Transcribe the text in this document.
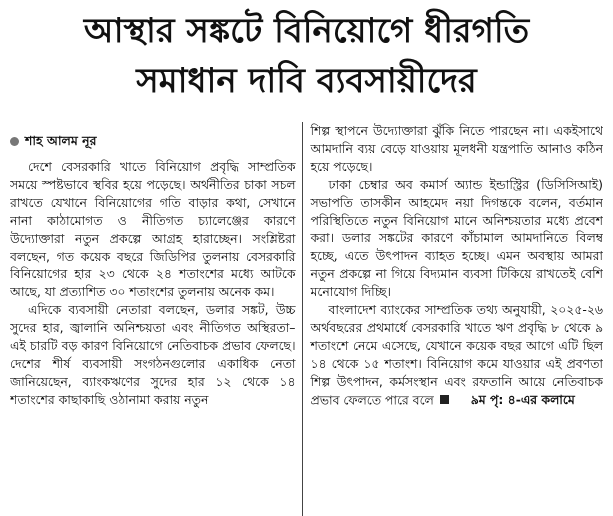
আস্থার সঙ্কটে বিনিয়োগে ধীরগতি
সমাধান দাবি ব্যবসায়ীদের
শাহ আলম নূর

দেশে বেসরকারি খাতে বিনিয়োগ প্রবৃদ্ধি সাম্প্রতিক সময়ে স্পষ্টভাবে স্থবির হয়ে পড়েছে। অর্থনীতির চাকা সচল রাখতে যেখানে বিনিয়োগের গতি বাড়ার কথা, সেখানে নানা কাঠামোগত ও নীতিগত চ্যালেঞ্জের কারণে উদ্যোক্তারা নতুন প্রকল্পে আগ্রহ হারাচ্ছেন। সংশ্লিষ্টরা বলছেন, গত কয়েক বছরে জিডিপির তুলনায় বেসরকারি বিনিয়োগের হার ২৩ থেকে ২৪ শতাংশের মধ্যে আটকে আছে, যা প্রত্যাশিত ৩০ শতাংশের তুলনায় অনেক কম।

এদিকে ব্যবসায়ী নেতারা বলছেন, ডলার সঙ্কট, উচ্চ সুদের হার, জ্বালানি অনিশ্চয়তা এবং নীতিগত অস্থিরতা– এই চারটি বড় কারণ বিনিয়োগে নেতিবাচক প্রভাব ফেলছে। দেশের শীর্ষ ব্যবসায়ী সংগঠনগুলোর একাধিক নেতা জানিয়েছেন, ব্যাংকঋণের সুদের হার ১২ থেকে ১৪ শতাংশের কাছাকাছি ওঠানামা করায় নতুন

শিল্প স্থাপনে উদ্যোক্তারা ঝুঁকি নিতে পারছেন না। একইসাথে আমদানি ব্যয় বেড়ে যাওয়ায় মূলধনী যন্ত্রপাতি আনাও কঠিন হয়ে পড়েছে।

ঢাকা চেম্বার অব কমার্স অ্যান্ড ইন্ডাস্ট্রির (ডিসিসিআই) সভাপতি তাসকীন আহমেদ নয়া দিগন্তকে বলেন, বর্তমান পরিস্থিতিতে নতুন বিনিয়োগ মানে অনিশ্চয়তার মধ্যে প্রবেশ করা। ডলার সঙ্কটের কারণে কাঁচামাল আমদানিতে বিলম্ব হচ্ছে, এতে উৎপাদন ব্যাহত হচ্ছে। এমন অবস্থায় আমরা নতুন প্রকল্পে না গিয়ে বিদ্যমান ব্যবসা টিকিয়ে রাখতেই বেশি মনোযোগ দিচ্ছি।

বাংলাদেশ ব্যাংকের সাম্প্রতিক তথ্য অনুযায়ী, ২০২৫-২৬ অর্থবছরের প্রথমার্ধে বেসরকারি খাতে ঋণ প্রবৃদ্ধি ৮ থেকে ৯ শতাংশে নেমে এসেছে, যেখানে কয়েক বছর আগে এটি ছিল ১৪ থেকে ১৫ শতাংশ। বিনিয়োগ কমে যাওয়ার এই প্রবণতা শিল্প উৎপাদন, কর্মসংস্থান এবং রফতানি আয়ে নেতিবাচক প্রভাব ফেলতে পারে বলে	৯ম পৃ: ৪-এর কলামে
